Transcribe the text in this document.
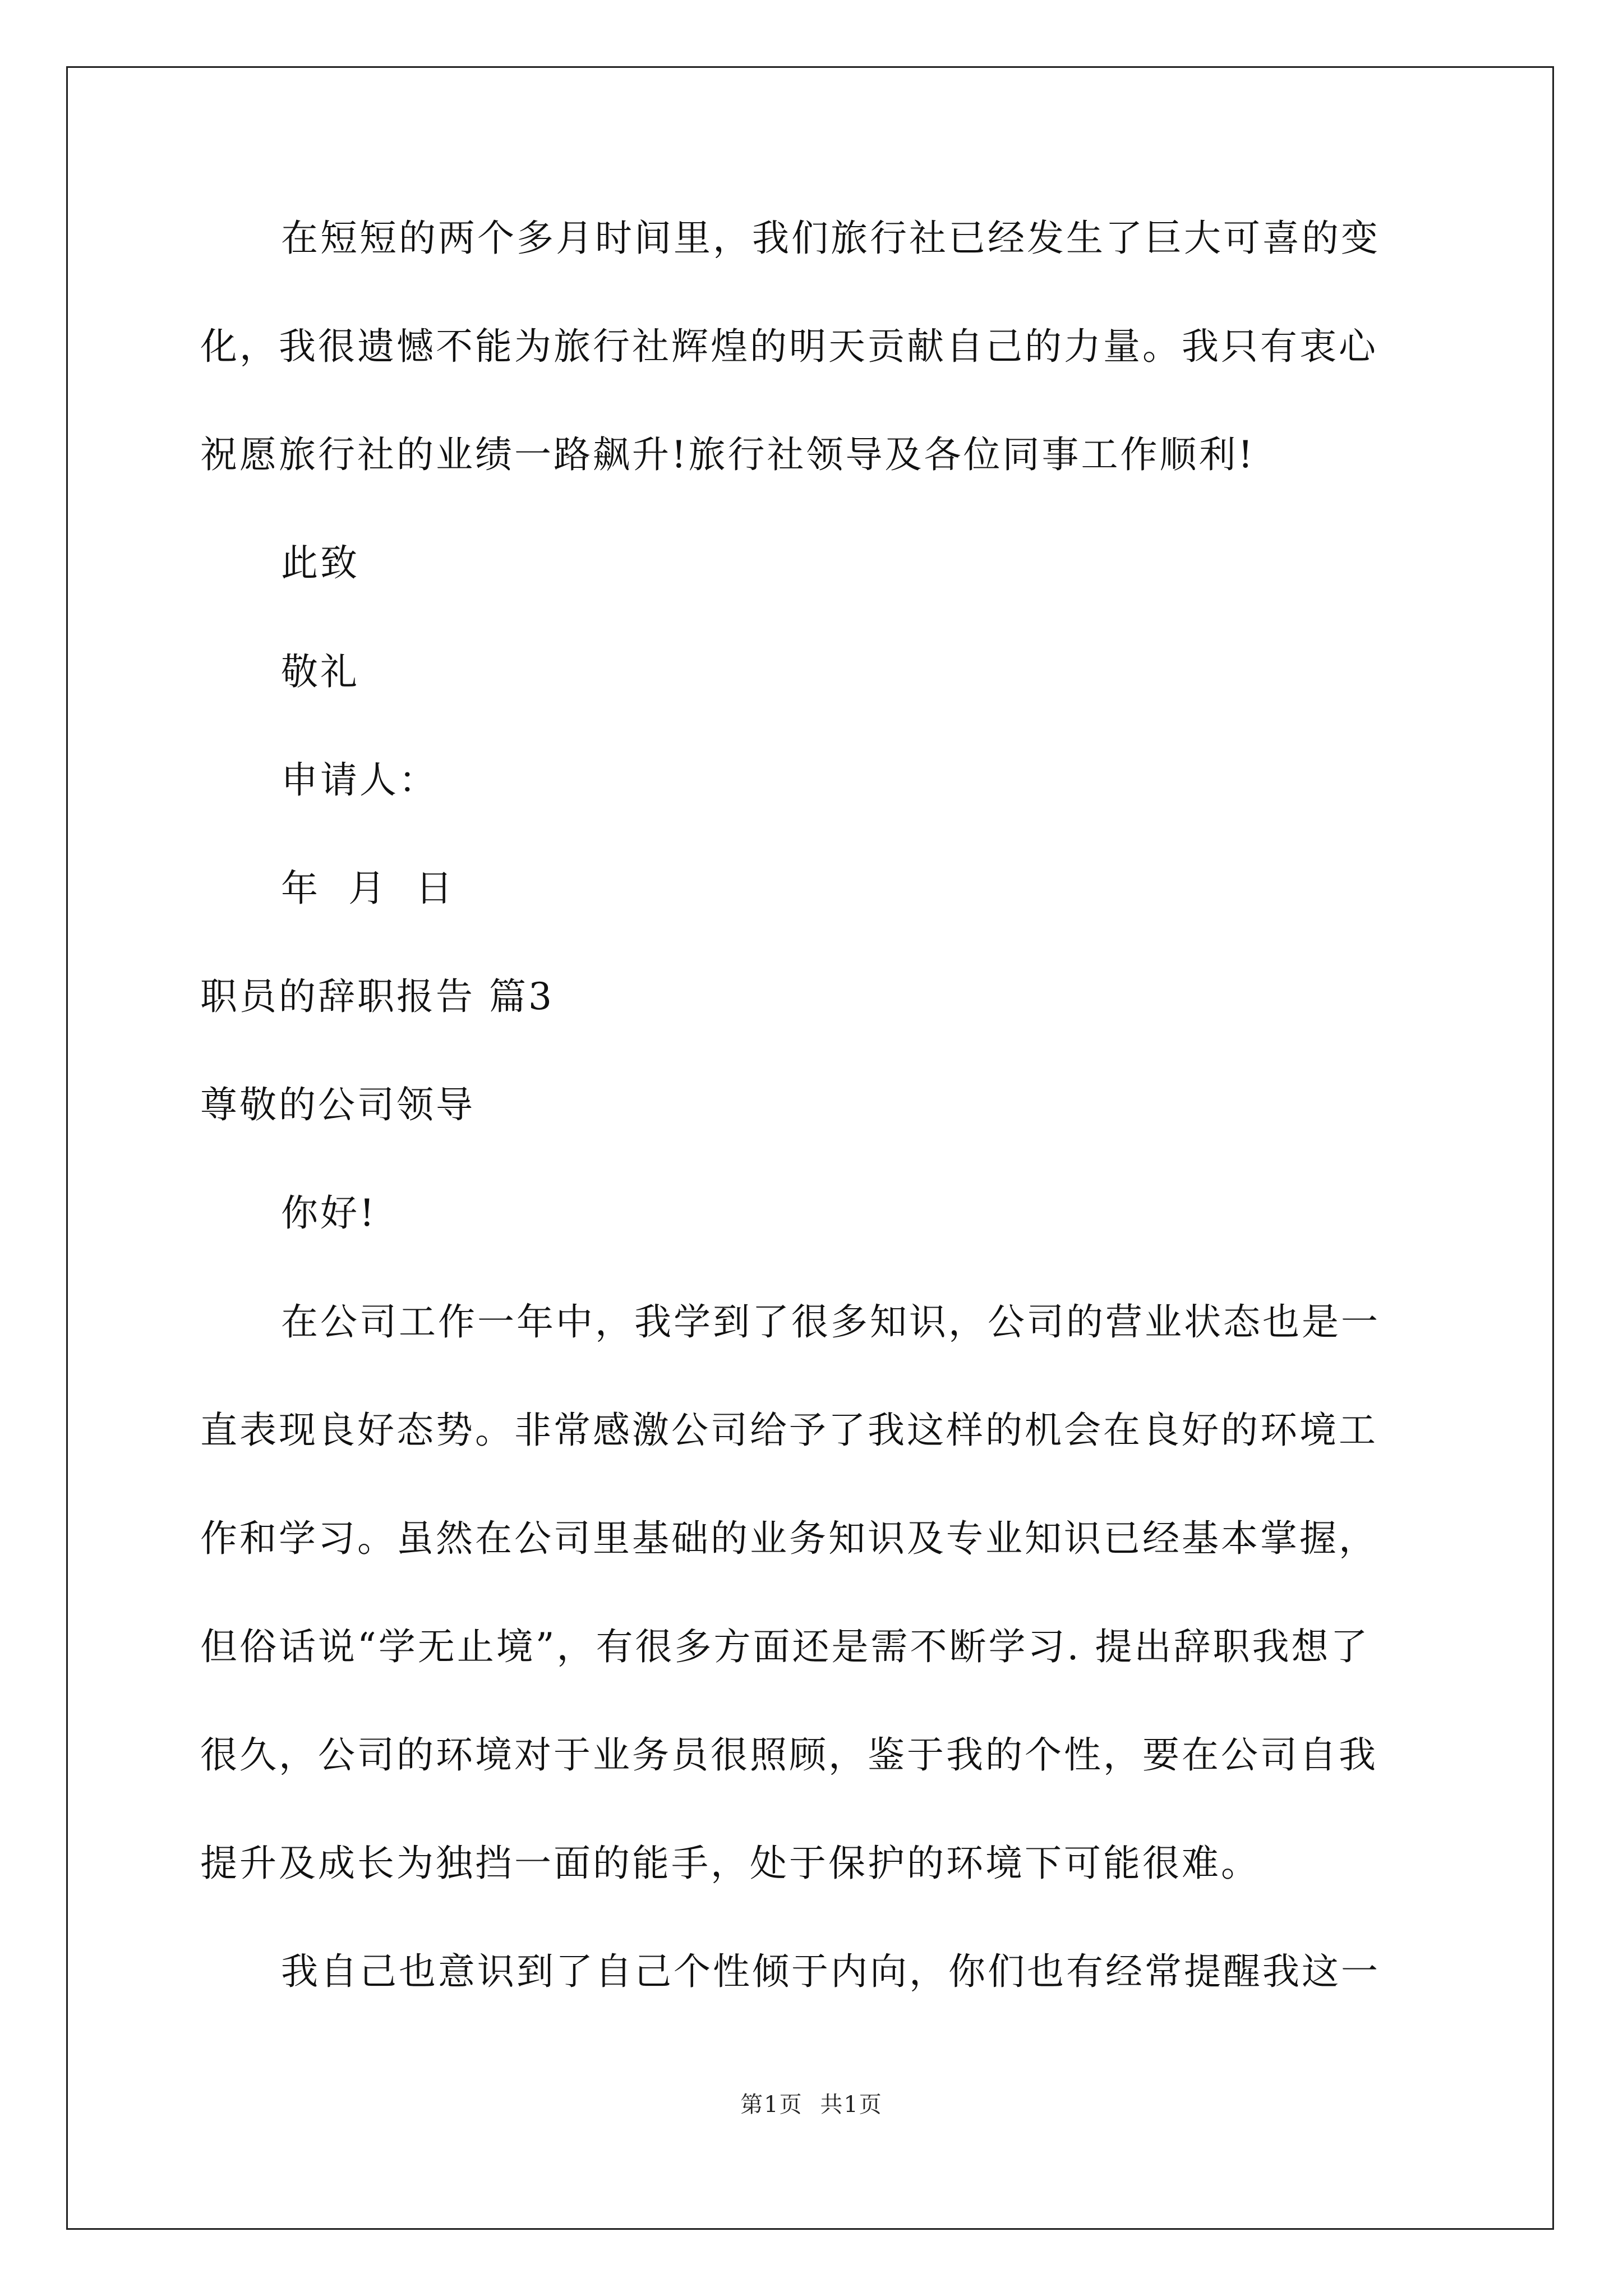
在短短的两个多月时间里，我们旅行社已经发生了巨大可喜的变
化，我很遗憾不能为旅行社辉煌的明天贡献自己的力量。我只有衷心
祝愿旅行社的业绩一路飙升!旅行社领导及各位同事工作顺利!
此致
敬礼
申请人：
年  月  日
职员的辞职报告 篇3
尊敬的公司领导
你好!
在公司工作一年中，我学到了很多知识，公司的营业状态也是一
直表现良好态势。非常感激公司给予了我这样的机会在良好的环境工
作和学习。虽然在公司里基础的业务知识及专业知识已经基本掌握，
但俗话说“学无止境”，有很多方面还是需不断学习. 提出辞职我想了
很久，公司的环境对于业务员很照顾，鉴于我的个性，要在公司自我
提升及成长为独挡一面的能手，处于保护的环境下可能很难。
我自己也意识到了自己个性倾于内向，你们也有经常提醒我这一
第1页 共1页
